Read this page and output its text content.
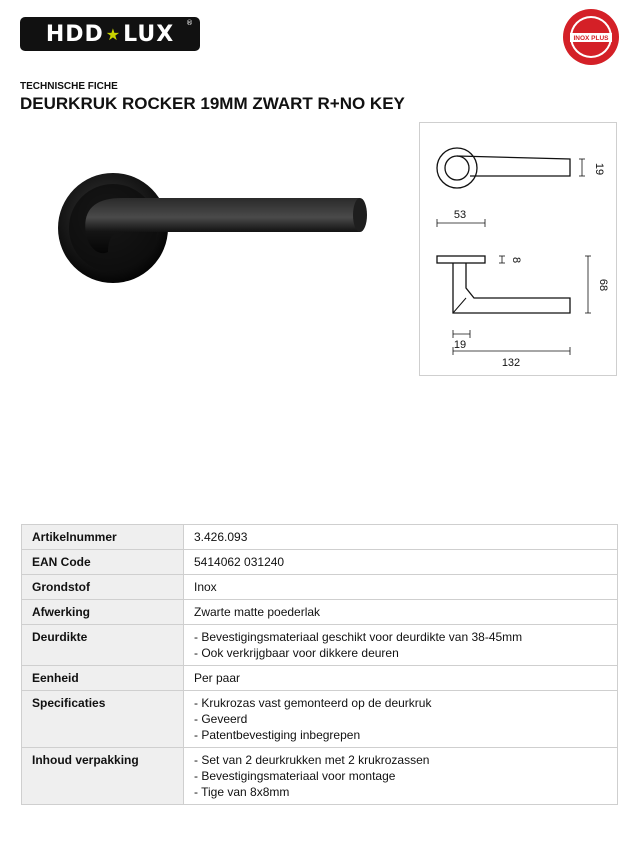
HDD ★ LUX ®
INOX PLUS
TECHNISCHE FICHE
DEURKRUK ROCKER 19MM ZWART R+NO KEY
19
53
8
68
19
132
Artikelnummer	3.426.093

EAN Code	5414062 031240

Grondstof	Inox

Afwerking	Zwarte matte poederlak

Deurdikte	- Bevestigingsmateriaal geschikt voor deurdikte van 38-45mm
- Ook verkrijgbaar voor dikkere deuren

Eenheid	Per paar

Specificaties	- Krukrozas vast gemonteerd op de deurkruk
- Geveerd
- Patentbevestiging inbegrepen

Inhoud verpakking	- Set van 2 deurkrukken met 2 krukrozassen
- Bevestigingsmateriaal voor montage
- Tige van 8x8mm
